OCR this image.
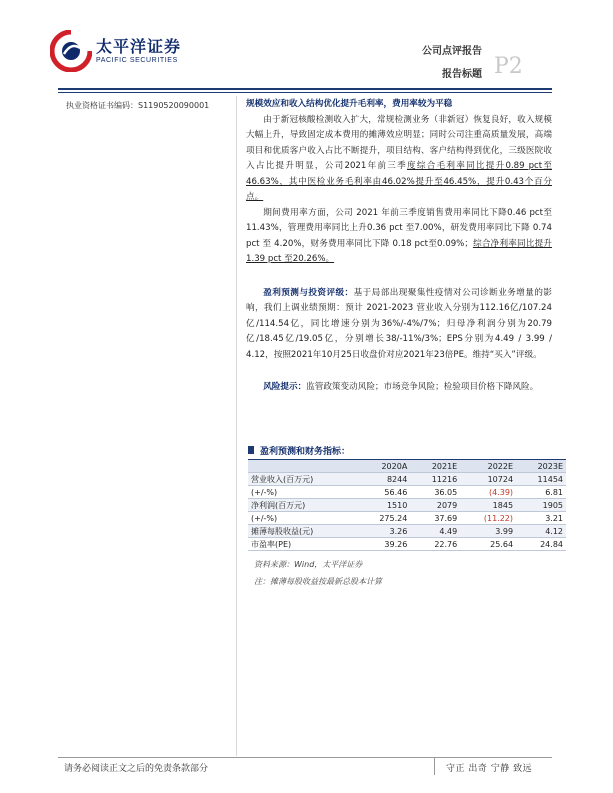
太平洋证券
PACIFIC SECURITIES
公司点评报告
报告标题 P2
执业资格证书编码：S1190520090001	规模效应和收入结构优化提升毛利率，费用率较为平稳

由于新冠核酸检测收入扩大，常规检测业务（非新冠）恢复良好，收入规模大幅上升，导致固定成本费用的摊薄效应明显；同时公司注重高质量发展，高端项目和优质客户收入占比不断提升，项目结构、客户结构得到优化，三级医院收入占比提升明显，公司2021年前三季度综合毛利率同比提升0.89 pct至46.63%，其中医检业务毛利率由46.02%提升至46.45%，提升0.43个百分点。

期间费用率方面，公司 2021 年前三季度销售费用率同比下降0.46 pct至11.43%，管理费用率同比上升0.36 pct 至7.00%，研发费用率同比下降 0.74 pct 至 4.20%，财务费用率同比下降 0.18 pct至0.09%；综合净利率同比提升1.39 pct 至20.26%。

盈利预测与投资评级：基于局部出现聚集性疫情对公司诊断业务增量的影响，我们上调业绩预期：预计 2021-2023 营业收入分别为112.16亿/107.24亿/114.54亿，同比增速分别为36%/-4%/7%；归母净利润分别为20.79亿/18.45亿/19.05亿，分别增长38/-11%/3%；EPS分别为4.49 / 3.99 / 4.12，按照2021年10月25日收盘价对应2021年23倍PE。维持“买入”评级。

风险提示：监管政策变动风险；市场竞争风险；检验项目价格下降风险。

盈利预测和财务指标：
	2020A	2021E	2022E	2023E
营业收入(百万元)	8244	11216	10724	11454
(+/-%)	56.46	36.05	(4.39)	6.81
净利润(百万元)	1510	2079	1845	1905
(+/-%)	275.24	37.69	(11.22)	3.21
摊薄每股收益(元)	3.26	4.49	3.99	4.12
市盈率(PE)	39.26	22.76	25.64	24.84
资料来源：Wind，太平洋证券
注：摊薄每股收益按最新总股本计算
请务必阅读正文之后的免责条款部分	守正 出奇 宁静 致远
